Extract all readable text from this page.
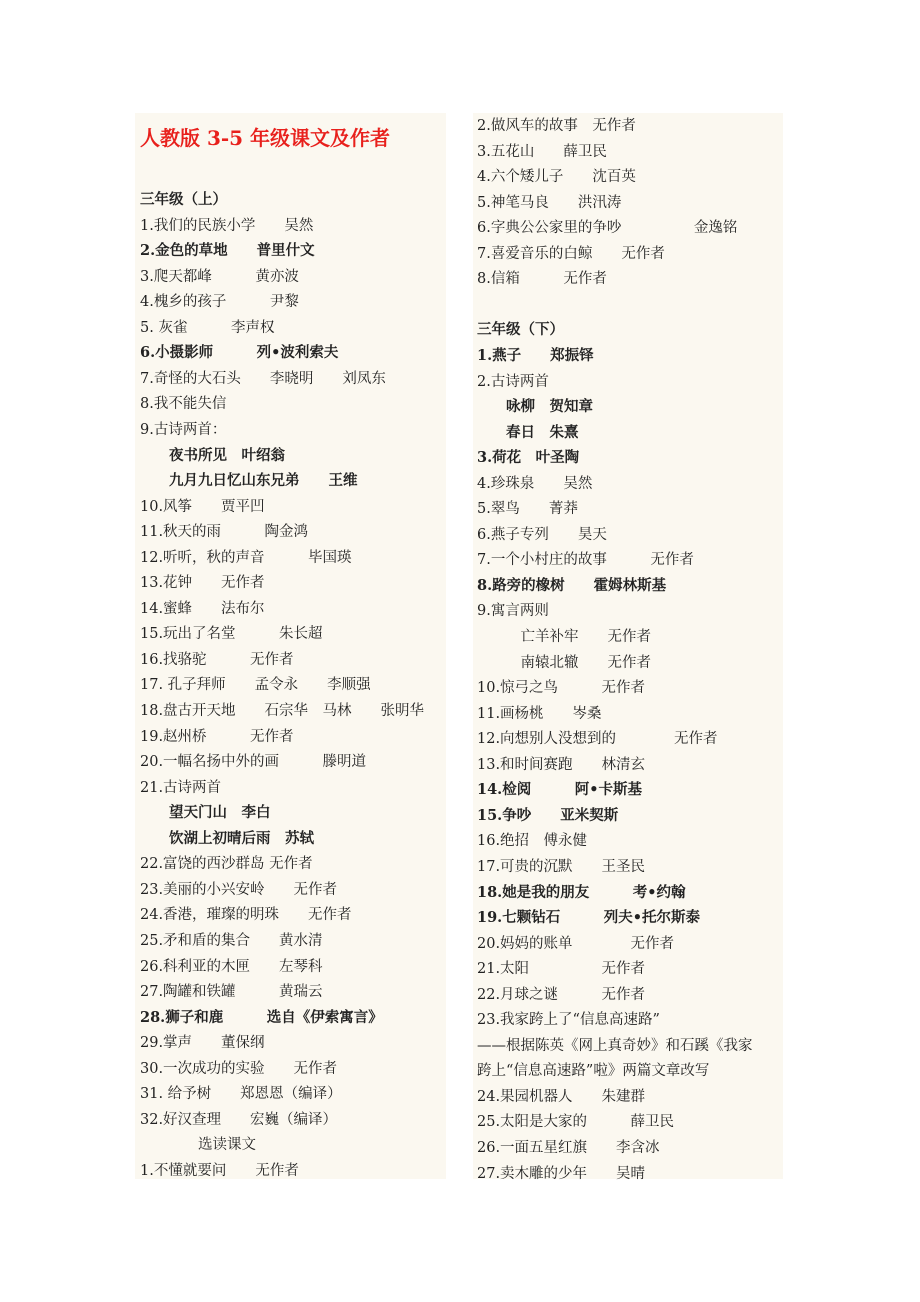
人教版 3-5 年级课文及作者
三年级（上）
1.我们的民族小学　　吴然
2.金色的草地　　普里什文
3.爬天都峰　　　黄亦波
4.槐乡的孩子　　　尹黎
5. 灰雀　　　李声权
6.小摄影师　　　列•波利索夫
7.奇怪的大石头　　李晓明　　刘凤东
8.我不能失信
9.古诗两首：
　　夜书所见　叶绍翁
　　九月九日忆山东兄弟　　王维
10.风筝　　贾平凹
11.秋天的雨　　　陶金鸿
12.听听，秋的声音　　　毕国瑛
13.花钟　　无作者
14.蜜蜂　　法布尔
15.玩出了名堂　　　朱长超
16.找骆驼　　　无作者
17. 孔子拜师　　孟令永　　李顺强
18.盘古开天地　　石宗华　马林　　张明华
19.赵州桥　　　无作者
20.一幅名扬中外的画　　　滕明道
21.古诗两首
　　望天门山　李白
　　饮湖上初晴后雨　苏轼
22.富饶的西沙群岛 无作者
23.美丽的小兴安岭　　无作者
24.香港，璀璨的明珠　　无作者
25.矛和盾的集合　　黄水清
26.科利亚的木匣　　左琴科
27.陶罐和铁罐　　　黄瑞云
28.狮子和鹿　　　选自《伊索寓言》
29.掌声　　董保纲
30.一次成功的实验　　无作者
31. 给予树　　郑恩恩（编译）
32.好汉查理　　宏巍（编译）
　　　　选读课文
1.不懂就要问　　无作者
2.做风车的故事　无作者
3.五花山　　薛卫民
4.六个矮儿子　　沈百英
5.神笔马良　　洪汛涛
6.字典公公家里的争吵　　　　　金逸铭
7.喜爱音乐的白鲸　　无作者
8.信箱　　　无作者
三年级（下）
1.燕子　　郑振铎
2.古诗两首
　　咏柳　贺知章
　　春日　朱熹
3.荷花　叶圣陶
4.珍珠泉　　吴然
5.翠鸟　　菁莽
6.燕子专列　　昊天
7.一个小村庄的故事　　　无作者
8.路旁的橡树　　霍姆林斯基
9.寓言两则
　　　亡羊补牢　　无作者
　　　南辕北辙　　无作者
10.惊弓之鸟　　　无作者
11.画杨桃　　岑桑
12.向想别人没想到的　　　　无作者
13.和时间赛跑　　林清玄
14.检阅　　　阿•卡斯基
15.争吵　　亚米契斯
16.绝招　傅永健
17.可贵的沉默　　王圣民
18.她是我的朋友　　　考•约翰
19.七颗钻石　　　列夫•托尔斯泰
20.妈妈的账单　　　　无作者
21.太阳　　　　　无作者
22.月球之谜　　　无作者
23.我家跨上了“信息高速路”
——根据陈英《网上真奇妙》和石蹊《我家
跨上“信息高速路”啦》两篇文章改写
24.果园机器人　　朱建群
25.太阳是大家的　　　薛卫民
26.一面五星红旗　　李含冰
27.卖木雕的少年　　吴晴
